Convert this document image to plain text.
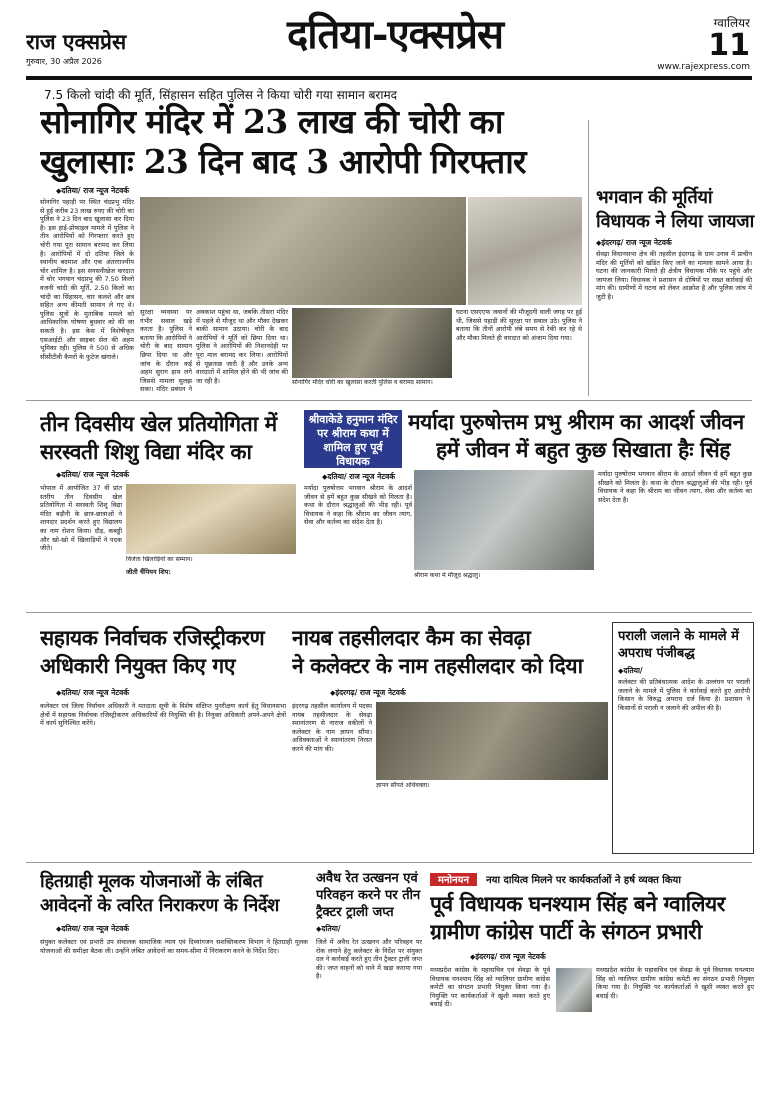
राज एक्सप्रेस
गुरुवार, 30 अप्रैल 2026
दतिया-एक्सप्रेस	ग्वालियर
11
www.rajexpress.com
7.5 किलो चांदी की मूर्ति, सिंहासन सहित पुलिस ने किया चोरी गया सामान बरामद
सोनागिर मंदिर में 23 लाख की चोरी का
खुलासाः 23 दिन बाद 3 आरोपी गिरफ्तार
◆ दतिया/ राज न्यूज नेटवर्क
सोनागिर पहाड़ी पर स्थित चंदप्रभु मंदिर से हुई करीब 23 लाख रुपए की चोरी का पुलिस ने 23 दिन बाद खुलासा कर दिया है। इस हाई-प्रोफाइल मामले में पुलिस ने तीन आरोपियों को गिरफ्तार करते हुए चोरी गया पूरा सामान बरामद कर लिया है। आरोपियों में दो दतिया जिले के स्थानीय बदमाश और एक अंतरराज्यीय चोर शामिल है। इस सनसनीखेज वारदात में चोर भगवान चंदप्रभु की 7.50 किलो वजनी चांदी की मूर्ति, 2.50 किलो का चांदी का सिंहासन, चार कलशे और छत्र सहित अन्य कीमती सामान ले गए थे। पुलिस सूत्रों के मुताबिक मामले को आधिकारिक घोषणा बुधवार को की जा सकती है। इस केस में विशेषीकृत एसआईटी और साइबर सेल की अहम भूमिका रही। पुलिस ने 500 से अधिक सीसीटीवी कैमरों के फुटेज खंगाले।
अवकाश पहुंचा था, जबकि तीसरा मंदिर में पहले से मौजूद था और मौका देखकर बाकी सामान उठाया। चोरी के बाद आरोपियों ने मूर्ति को छिपा दिया था। पुलिस ने आरोपियों की निशानदेही पर पूरा माल बरामद कर लिया। आरोपियों से पूछताछ जारी है और उनके अन्य वारदातों में शामिल होने की भी जांच की जा रही है।	सोनागिर मंदिर चोरी का खुलासा करती पुलिस व बरामद सामान।
घटना एसएएफ जवानों की मौजूदगी वाली जगह पर हुई थी, जिससे पहाड़ी की सुरक्षा पर सवाल उठे। पुलिस ने बताया कि तीनों आरोपी लंबे समय से रेकी कर रहे थे और मौका मिलते ही वारदात को अंजाम दिया गया।
सुरक्षा व्यवस्था पर गंभीर सवाल खड़े करता है। पुलिस ने बताया कि आरोपियों ने चोरी के बाद सामान छिपा दिया था और जांच के दौरान कई अहम सुराग हाथ लगे जिससे मामला सुलझ सका। मंदिर प्रबंधन ने
भगवान की मूर्तियां
विधायक ने लिया जायजा
◆ इंदरगढ़/ राज न्यूज नेटवर्क
सेवढ़ा विधानसभा क्षेत्र की तहसील इंदरगढ़ के ग्राम उनाव में प्राचीन मंदिर की मूर्तियों को खंडित किए जाने का मामला सामने आया है। घटना की जानकारी मिलते ही क्षेत्रीय विधायक मौके पर पहुंचे और जायजा लिया। विधायक ने प्रशासन से दोषियों पर सख्त कार्रवाई की मांग की। ग्रामीणों में घटना को लेकर आक्रोश है और पुलिस जांच में जुटी है।
तीन दिवसीय खेल प्रतियोगिता में
सरस्वती शिशु विद्या मंदिर का
◆ दतिया/ राज न्यूज नेटवर्क
भोपाल में आयोजित 37 वीं प्रांत स्तरीय तीन दिवसीय खेल प्रतियोगिता में सरस्वती शिशु विद्या मंदिर बड़ौनी के छात्र-छात्राओं ने शानदार प्रदर्शन करते हुए विद्यालय का नाम रोशन किया। दौड़, कबड्डी और खो-खो में खिलाड़ियों ने पदक जीते।
विजेता खिलाड़ियों का सम्मान।
जीती चैंपियन शिप:
श्रीवाकेडे हनुमान मंदिर पर श्रीराम कथा में शामिल हुए पूर्व विधायक
मर्यादा पुरुषोत्तम प्रभु श्रीराम का आदर्श जीवन
हमें जीवन में बहुत कुछ सिखाता हैः सिंह
◆ दतिया/ राज न्यूज नेटवर्क
मर्यादा पुरुषोत्तम भगवान श्रीराम के आदर्श जीवन से हमें बहुत कुछ सीखने को मिलता है। कथा के दौरान श्रद्धालुओं की भीड़ रही। पूर्व विधायक ने कहा कि श्रीराम का जीवन त्याग, सेवा और कर्तव्य का संदेश देता है।
श्रीराम कथा में मौजूद श्रद्धालु।
मर्यादा पुरुषोत्तम भगवान श्रीराम के आदर्श जीवन से हमें बहुत कुछ सीखने को मिलता है। कथा के दौरान श्रद्धालुओं की भीड़ रही। पूर्व विधायक ने कहा कि श्रीराम का जीवन त्याग, सेवा और कर्तव्य का संदेश देता है।
सहायक निर्वाचक रजिस्ट्रीकरण
अधिकारी नियुक्त किए गए
◆ दतिया/ राज न्यूज नेटवर्क
कलेक्टर एवं जिला निर्वाचन अधिकारी ने मतदाता सूची के विशेष संक्षिप्त पुनरीक्षण कार्य हेतु विधानसभा क्षेत्रों में सहायक निर्वाचक रजिस्ट्रीकरण अधिकारियों की नियुक्ति की है। नियुक्त अधिकारी अपने-अपने क्षेत्रों में कार्य सुनिश्चित करेंगे।
नायब तहसीलदार कैम का सेवढ़ा
ने कलेक्टर के नाम तहसीलदार को दिया
◆ इंदरगढ़/ राज न्यूज नेटवर्क
इंदरगढ़ तहसील कार्यालय में पदस्थ नायब तहसीलदार के सेवढ़ा स्थानांतरण से नाराज वकीलों ने कलेक्टर के नाम ज्ञापन सौंपा। अधिवक्ताओं ने स्थानांतरण निरस्त करने की मांग की।
ज्ञापन सौंपते अधिवक्ता।
पराली जलाने के मामले में
अपराध पंजीबद्ध
◆ दतिया/
कलेक्टर की प्रतिबंधात्मक आदेश के उल्लंघन पर पराली जलाने के मामले में पुलिस ने कार्रवाई करते हुए आरोपी किसान के विरुद्ध अपराध दर्ज किया है। प्रशासन ने किसानों से पराली न जलाने की अपील की है।
हितग्राही मूलक योजनाओं के लंबित
आवेदनों के त्वरित निराकरण के निर्देश
◆ दतिया/ राज न्यूज नेटवर्क
संयुक्त कलेक्टर एवं प्रभारी उप संचालक सामाजिक न्याय एवं दिव्यांगजन सशक्तिकरण विभाग ने हितग्राही मूलक योजनाओं की समीक्षा बैठक ली। उन्होंने लंबित आवेदनों का समय-सीमा में निराकरण करने के निर्देश दिए।
अवैध रेत उत्खनन एवं
परिवहन करने पर तीन
ट्रैक्टर ट्राली जप्त
◆ दतिया/
जिले में अवैध रेत उत्खनन और परिवहन पर रोक लगाने हेतु कलेक्टर के निर्देश पर संयुक्त दल ने कार्रवाई करते हुए तीन ट्रैक्टर ट्राली जप्त की। जप्त वाहनों को थाने में खड़ा कराया गया है।
मनोनयन नया दायित्व मिलने पर कार्यकर्ताओं ने हर्ष व्यक्त किया
पूर्व विधायक घनश्याम सिंह बने ग्वालियर
ग्रामीण कांग्रेस पार्टी के संगठन प्रभारी
◆ इंदरगढ़/ राज न्यूज नेटवर्क
मध्यप्रदेश कांग्रेस के महासचिव एवं सेवढ़ा के पूर्व विधायक घनश्याम सिंह को ग्वालियर ग्रामीण कांग्रेस कमेटी का संगठन प्रभारी नियुक्त किया गया है। नियुक्ति पर कार्यकर्ताओं ने खुशी व्यक्त करते हुए बधाई दी।
मध्यप्रदेश कांग्रेस के महासचिव एवं सेवढ़ा के पूर्व विधायक घनश्याम सिंह को ग्वालियर ग्रामीण कांग्रेस कमेटी का संगठन प्रभारी नियुक्त किया गया है। नियुक्ति पर कार्यकर्ताओं ने खुशी व्यक्त करते हुए बधाई दी।
